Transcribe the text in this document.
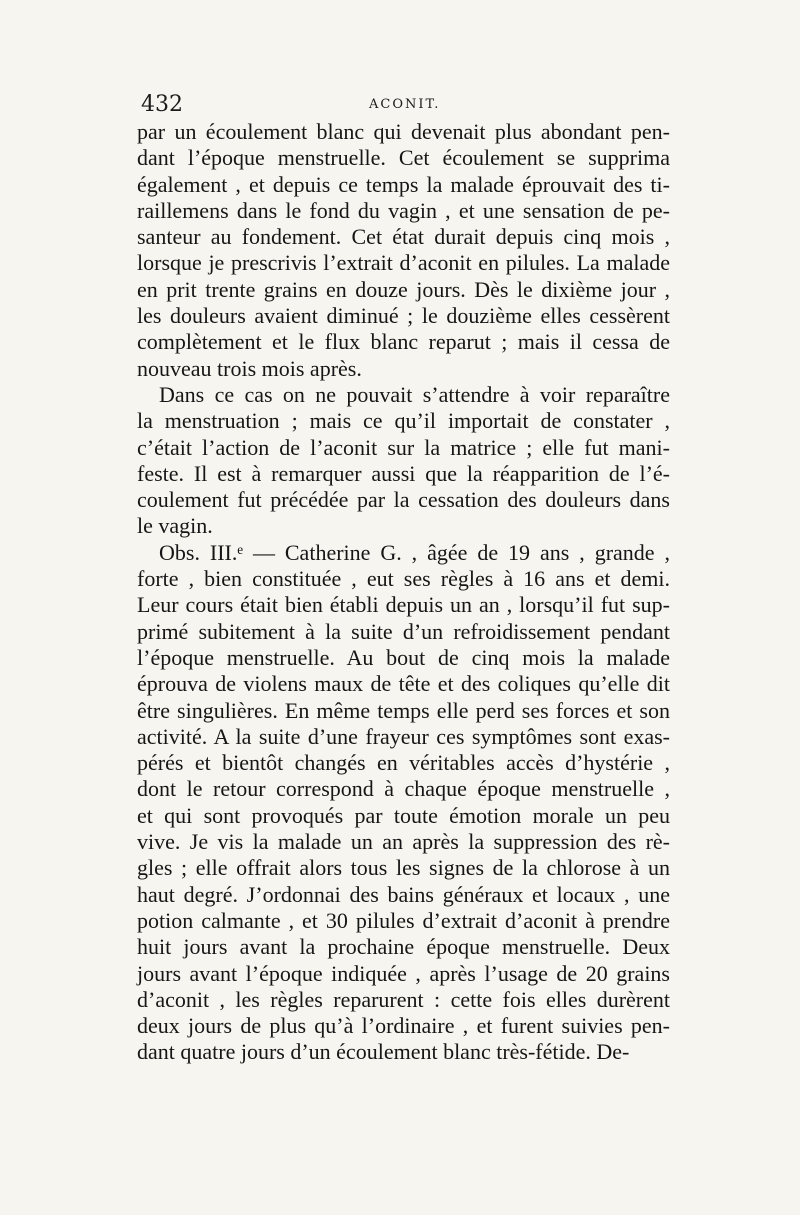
432	ACONIT.
par un écoulement blanc qui devenait plus abondant pen-
dant l’époque menstruelle. Cet écoulement se supprima
également , et depuis ce temps la malade éprouvait des ti-
raillemens dans le fond du vagin , et une sensation de pe-
santeur au fondement. Cet état durait depuis cinq mois ,
lorsque je prescrivis l’extrait d’aconit en pilules. La malade
en prit trente grains en douze jours. Dès le dixième jour ,
les douleurs avaient diminué ; le douzième elles cessèrent
complètement et le flux blanc reparut ; mais il cessa de
nouveau trois mois après.
Dans ce cas on ne pouvait s’attendre à voir reparaître
la menstruation ; mais ce qu’il importait de constater ,
c’était l’action de l’aconit sur la matrice ; elle fut mani-
feste. Il est à remarquer aussi que la réapparition de l’é-
coulement fut précédée par la cessation des douleurs dans
le vagin.
Obs. III.ᵉ — Catherine G. , âgée de 19 ans , grande ,
forte , bien constituée , eut ses règles à 16 ans et demi.
Leur cours était bien établi depuis un an , lorsqu’il fut sup-
primé subitement à la suite d’un refroidissement pendant
l’époque menstruelle. Au bout de cinq mois la malade
éprouva de violens maux de tête et des coliques qu’elle dit
être singulières. En même temps elle perd ses forces et son
activité. A la suite d’une frayeur ces symptômes sont exas-
pérés et bientôt changés en véritables accès d’hystérie ,
dont le retour correspond à chaque époque menstruelle ,
et qui sont provoqués par toute émotion morale un peu
vive. Je vis la malade un an après la suppression des rè-
gles ; elle offrait alors tous les signes de la chlorose à un
haut degré. J’ordonnai des bains généraux et locaux , une
potion calmante , et 30 pilules d’extrait d’aconit à prendre
huit jours avant la prochaine époque menstruelle. Deux
jours avant l’époque indiquée , après l’usage de 20 grains
d’aconit , les règles reparurent : cette fois elles durèrent
deux jours de plus qu’à l’ordinaire , et furent suivies pen-
dant quatre jours d’un écoulement blanc très-fétide. De-
